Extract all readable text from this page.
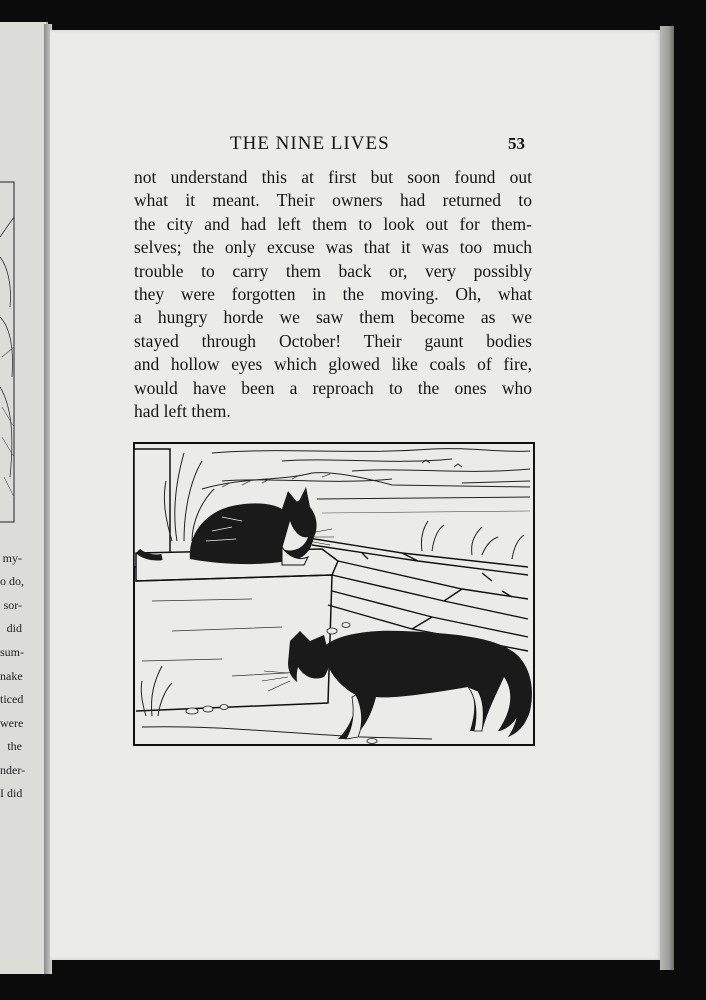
my-
o do,
sor-
did
sum-
nake
ticed
were
the
nder-
I did
THE NINE LIVES	53
not understand this at first but soon found out
what it meant. Their owners had returned to
the city and had left them to look out for them-
selves; the only excuse was that it was too much
trouble to carry them back or, very possibly
they were forgotten in the moving. Oh, what
a hungry horde we saw them become as we
stayed through October! Their gaunt bodies
and hollow eyes which glowed like coals of fire,
would have been a reproach to the ones who
had left them.
